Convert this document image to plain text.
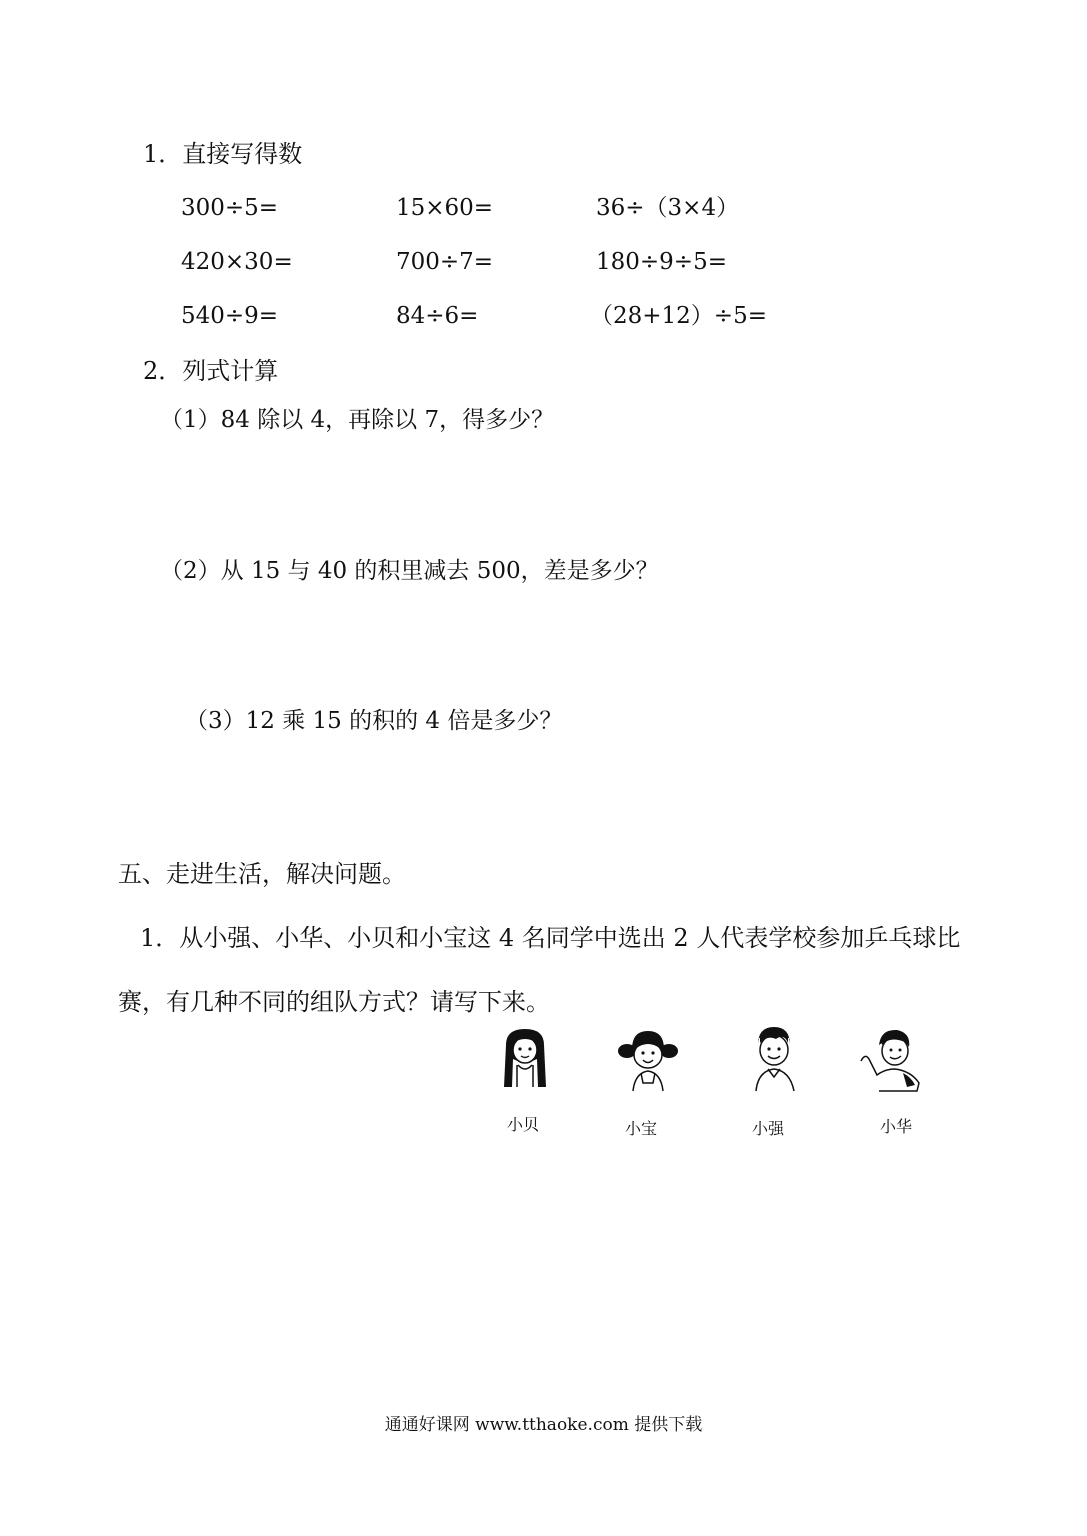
1．直接写得数
300÷5=	15×60=	36÷（3×4）
420×30=	700÷7=	180÷9÷5=
540÷9=	84÷6=	（28+12）÷5=
2．列式计算
（1）84 除以 4，再除以 7，得多少？
（2）从 15 与 40 的积里减去 500，差是多少？
（3）12 乘 15 的积的 4 倍是多少？
五、走进生活，解决问题。
1．从小强、小华、小贝和小宝这 4 名同学中选出 2 人代表学校参加乒乓球比
赛，有几种不同的组队方式？请写下来。
小贝	小宝	小强	小华
通通好课网 www.tthaoke.com 提供下载
